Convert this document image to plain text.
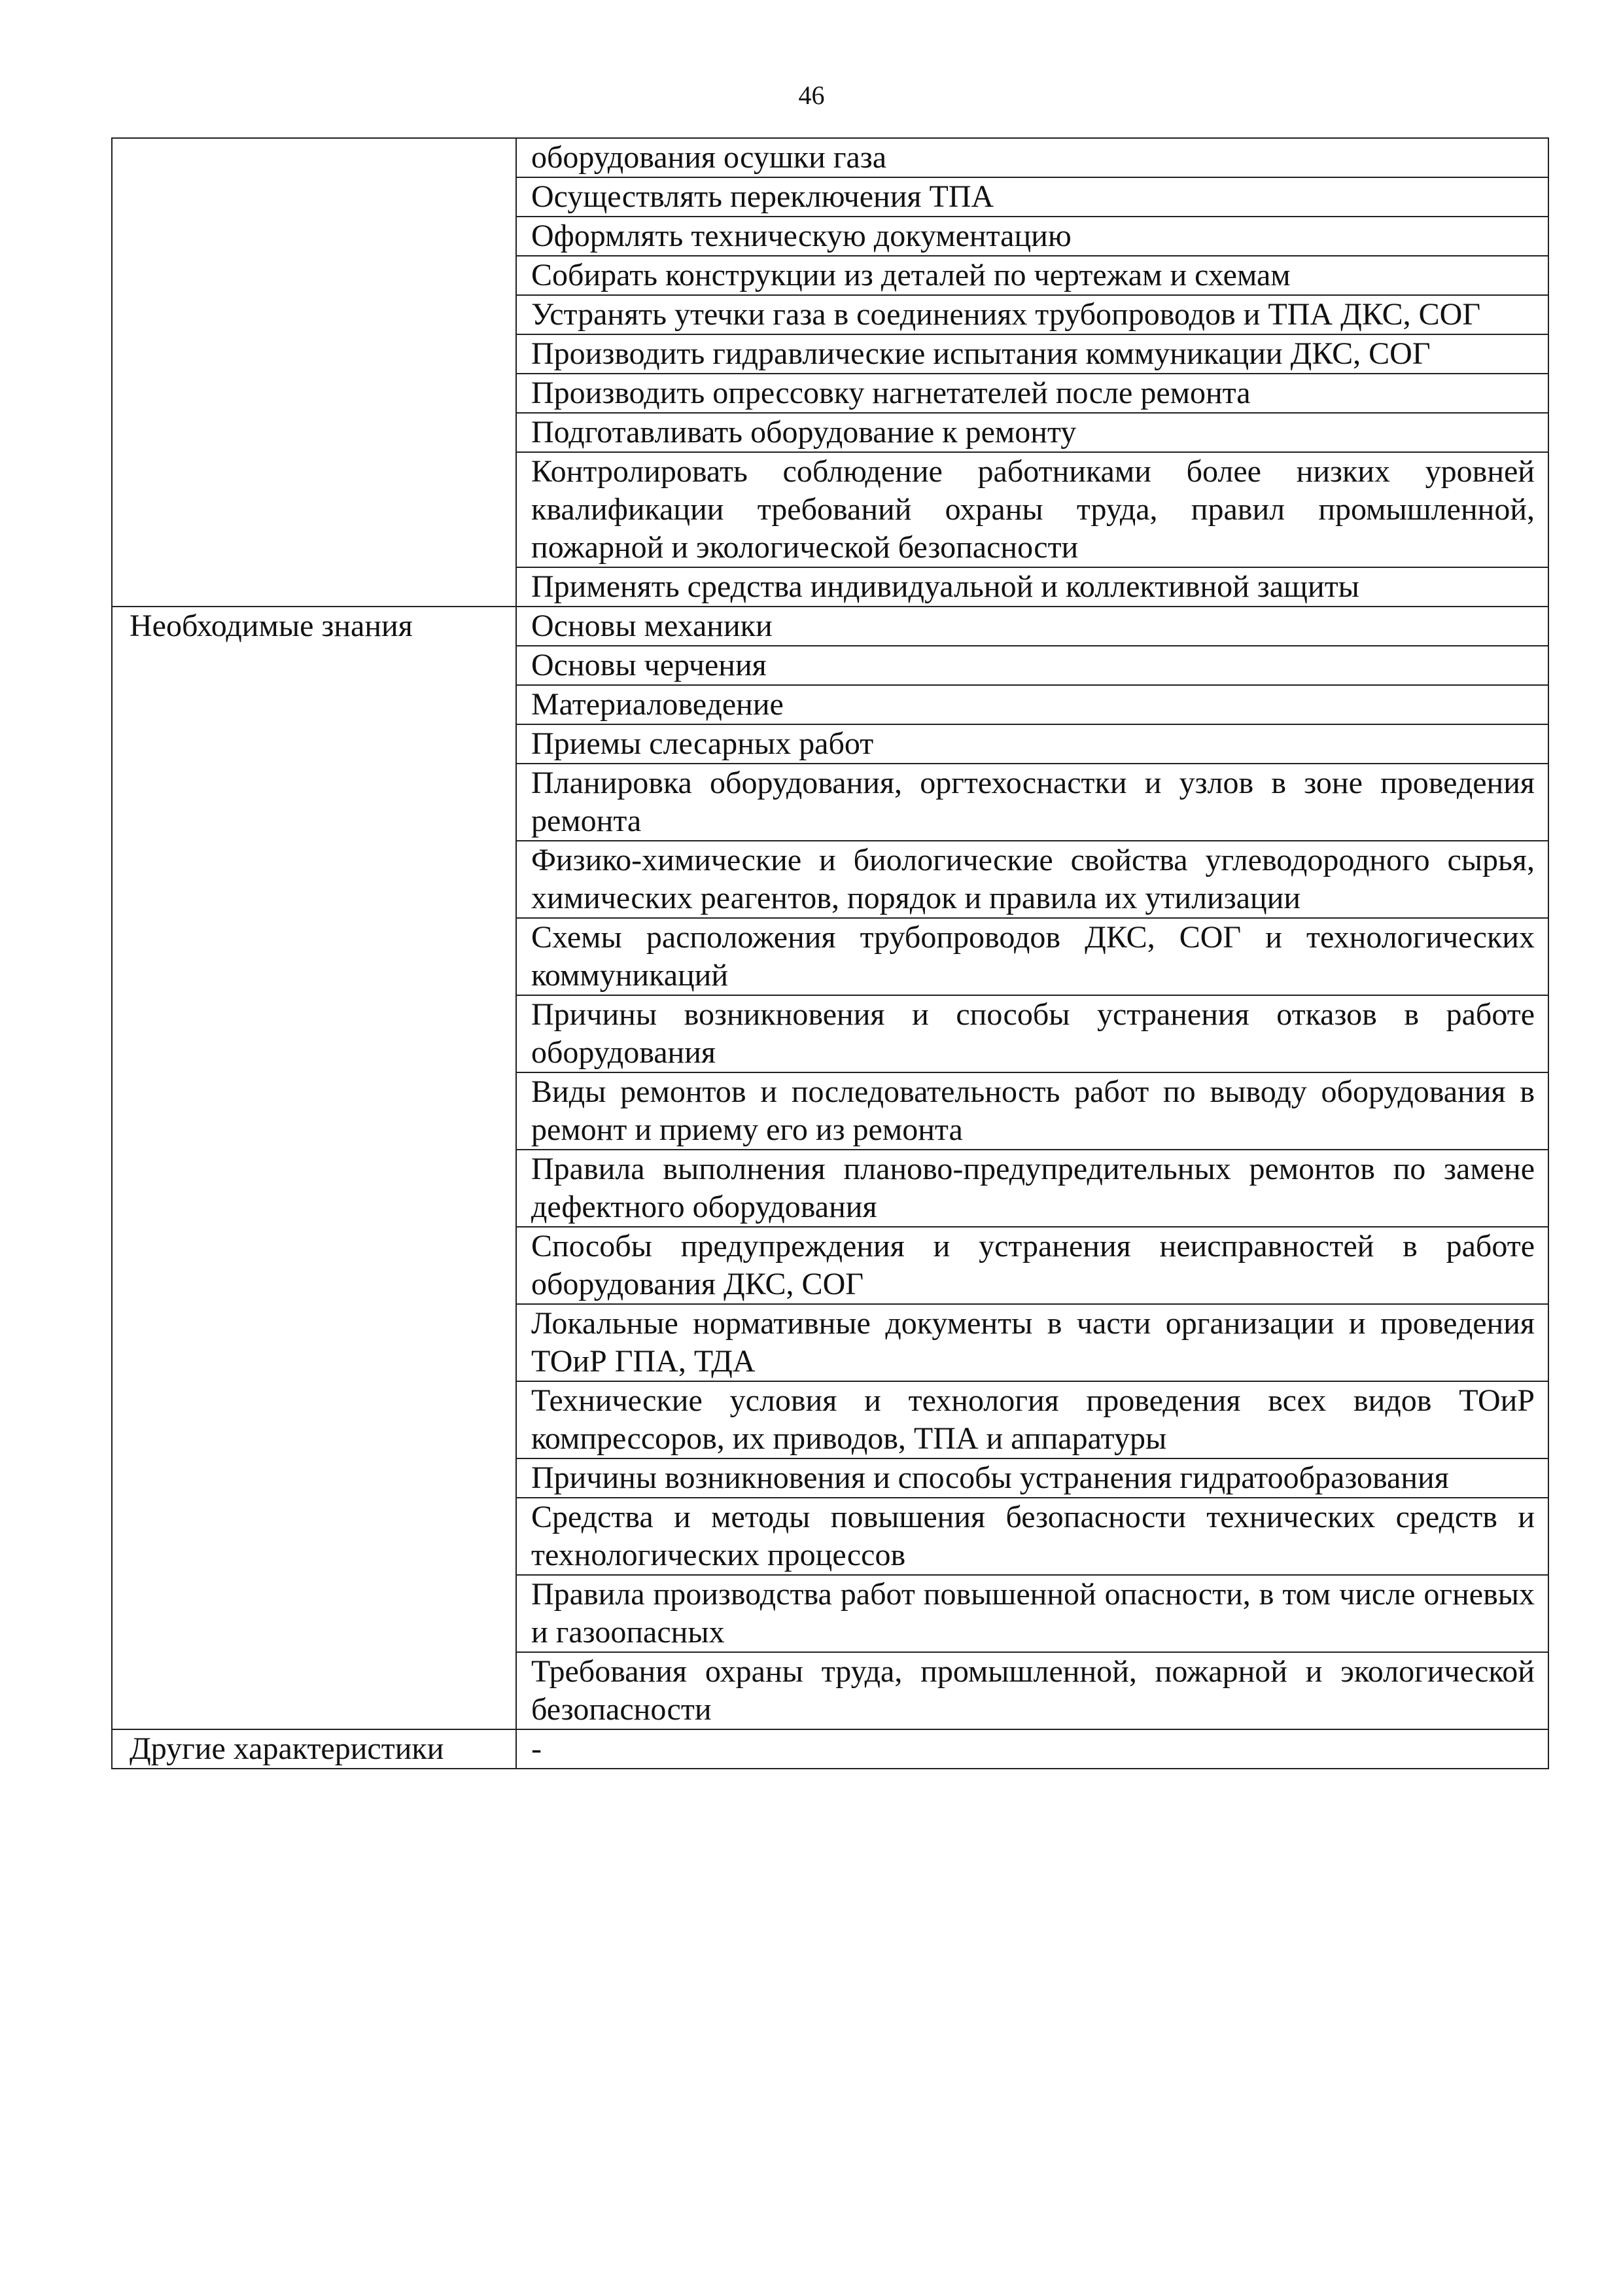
46
	оборудования осушки газа
	Осуществлять переключения ТПА
	Оформлять техническую документацию
	Собирать конструкции из деталей по чертежам и схемам
	Устранять утечки газа в соединениях трубопроводов и ТПА ДКС, СОГ
	Производить гидравлические испытания коммуникации ДКС, СОГ
	Производить опрессовку нагнетателей после ремонта
	Подготавливать оборудование к ремонту
	Контролировать соблюдение работниками более низких уровней квалификации требований охраны труда, правил промышленной, пожарной и экологической безопасности
	Применять средства индивидуальной и коллективной защиты
Необходимые знания	Основы механики
	Основы черчения
	Материаловедение
	Приемы слесарных работ
	Планировка оборудования, оргтехоснастки и узлов в зоне проведения ремонта
	Физико-химические и биологические свойства углеводородного сырья, химических реагентов, порядок и правила их утилизации
	Схемы расположения трубопроводов ДКС, СОГ и технологических коммуникаций
	Причины возникновения и способы устранения отказов в работе оборудования
	Виды ремонтов и последовательность работ по выводу оборудования в ремонт и приему его из ремонта
	Правила выполнения планово-предупредительных ремонтов по замене дефектного оборудования
	Способы предупреждения и устранения неисправностей в работе оборудования ДКС, СОГ
	Локальные нормативные документы в части организации и проведения ТОиР ГПА, ТДА
	Технические условия и технология проведения всех видов ТОиР компрессоров, их приводов, ТПА и аппаратуры
	Причины возникновения и способы устранения гидратообразования
	Средства и методы повышения безопасности технических средств и технологических процессов
	Правила производства работ повышенной опасности, в том числе огневых и газоопасных
	Требования охраны труда, промышленной, пожарной и экологической безопасности
Другие характеристики	-
